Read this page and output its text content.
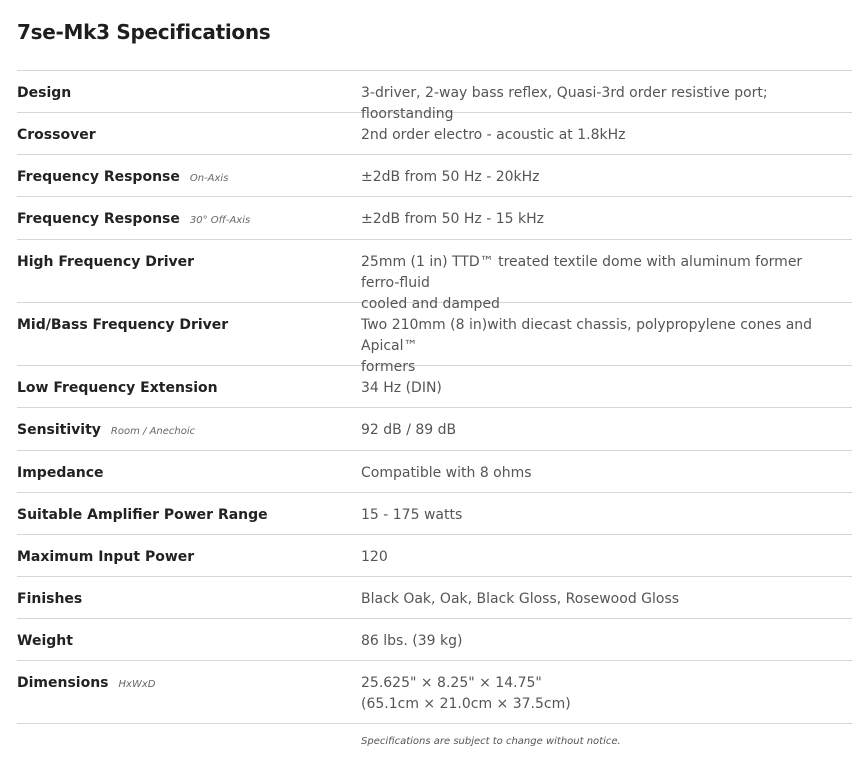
7se-Mk3 Specifications
Design	3-driver, 2-way bass reflex, Quasi-3rd order resistive port; floorstanding
Crossover	2nd order electro - acoustic at 1.8kHz
Frequency Response On-Axis	±2dB from 50 Hz - 20kHz
Frequency Response 30° Off-Axis	±2dB from 50 Hz - 15 kHz
High Frequency Driver	25mm (1 in) TTD™ treated textile dome with aluminum former ferro-fluid
cooled and damped
Mid/Bass Frequency Driver	Two 210mm (8 in)with diecast chassis, polypropylene cones and Apical™
formers
Low Frequency Extension	34 Hz (DIN)
Sensitivity Room / Anechoic	92 dB / 89 dB
Impedance	Compatible with 8 ohms
Suitable Amplifier Power Range	15 - 175 watts
Maximum Input Power	120
Finishes	Black Oak, Oak, Black Gloss, Rosewood Gloss
Weight	86 lbs. (39 kg)
Dimensions HxWxD	25.625" × 8.25" × 14.75"
(65.1cm × 21.0cm × 37.5cm)
Specifications are subject to change without notice.
